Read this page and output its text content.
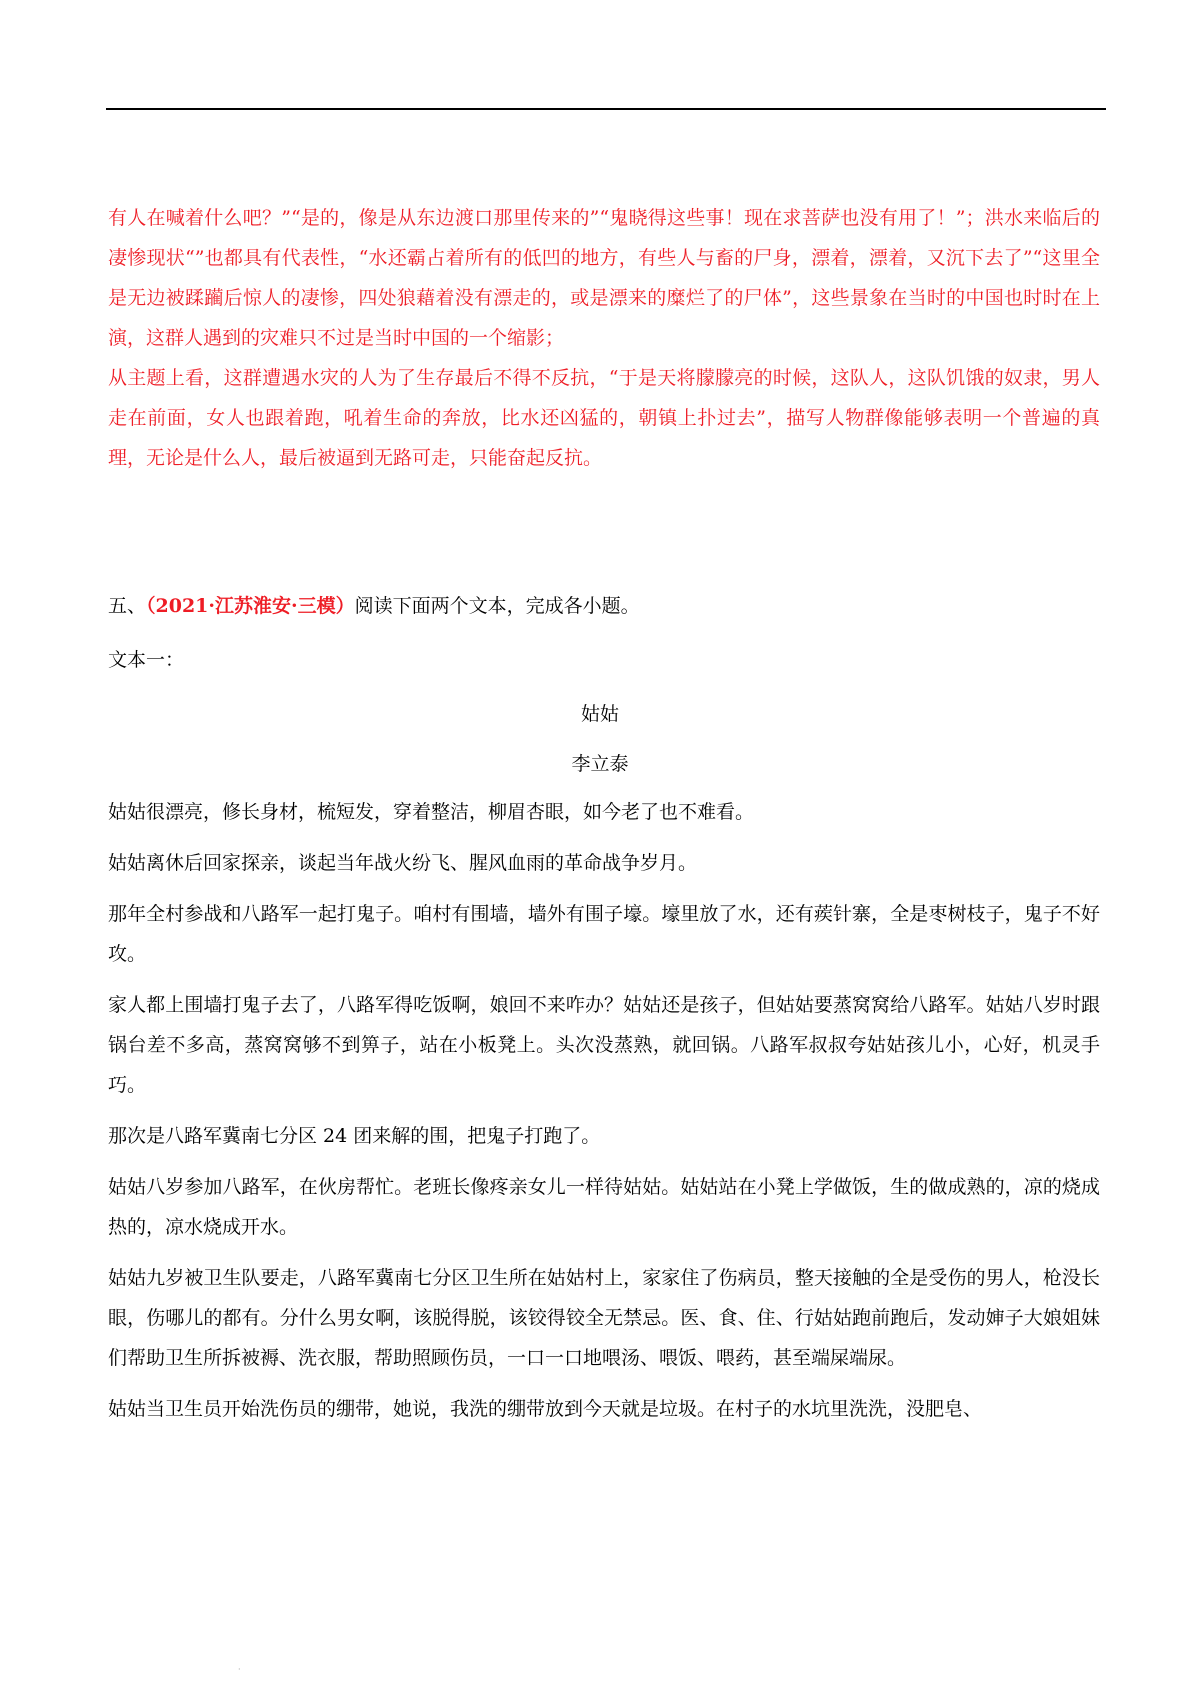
有人在喊着什么吧？”“是的，像是从东边渡口那里传来的”“鬼晓得这些事！现在求菩萨也没有用了！”；洪水来临后的凄惨现状“”也都具有代表性，“水还霸占着所有的低凹的地方，有些人与畜的尸身，漂着，漂着，又沉下去了”“这里全是无边被蹂躏后惊人的凄惨，四处狼藉着没有漂走的，或是漂来的糜烂了的尸体”，这些景象在当时的中国也时时在上演，这群人遇到的灾难只不过是当时中国的一个缩影；

从主题上看，这群遭遇水灾的人为了生存最后不得不反抗，“于是天将朦朦亮的时候，这队人，这队饥饿的奴隶，男人走在前面，女人也跟着跑，吼着生命的奔放，比水还凶猛的，朝镇上扑过去”，描写人物群像能够表明一个普遍的真理，无论是什么人，最后被逼到无路可走，只能奋起反抗。

五、（2021·江苏淮安·三模）阅读下面两个文本，完成各小题。
文本一：
姑姑
李立泰

姑姑很漂亮，修长身材，梳短发，穿着整洁，柳眉杏眼，如今老了也不难看。

姑姑离休后回家探亲，谈起当年战火纷飞、腥风血雨的革命战争岁月。

那年全村参战和八路军一起打鬼子。咱村有围墙，墙外有围子壕。壕里放了水，还有蒺针寨，全是枣树枝子，鬼子不好攻。

家人都上围墙打鬼子去了，八路军得吃饭啊，娘回不来咋办？姑姑还是孩子，但姑姑要蒸窝窝给八路军。姑姑八岁时跟锅台差不多高，蒸窝窝够不到箅子，站在小板凳上。头次没蒸熟，就回锅。八路军叔叔夸姑姑孩儿小，心好，机灵手巧。

那次是八路军冀南七分区 24 团来解的围，把鬼子打跑了。

姑姑八岁参加八路军，在伙房帮忙。老班长像疼亲女儿一样待姑姑。姑姑站在小凳上学做饭，生的做成熟的，凉的烧成热的，凉水烧成开水。

姑姑九岁被卫生队要走，八路军冀南七分区卫生所在姑姑村上，家家住了伤病员，整天接触的全是受伤的男人，枪没长眼，伤哪儿的都有。分什么男女啊，该脱得脱，该铰得铰全无禁忌。医、食、住、行姑姑跑前跑后，发动婶子大娘姐妹们帮助卫生所拆被褥、洗衣服，帮助照顾伤员，一口一口地喂汤、喂饭、喂药，甚至端屎端尿。

姑姑当卫生员开始洗伤员的绷带，她说，我洗的绷带放到今天就是垃圾。在村子的水坑里洗洗，没肥皂、

·
